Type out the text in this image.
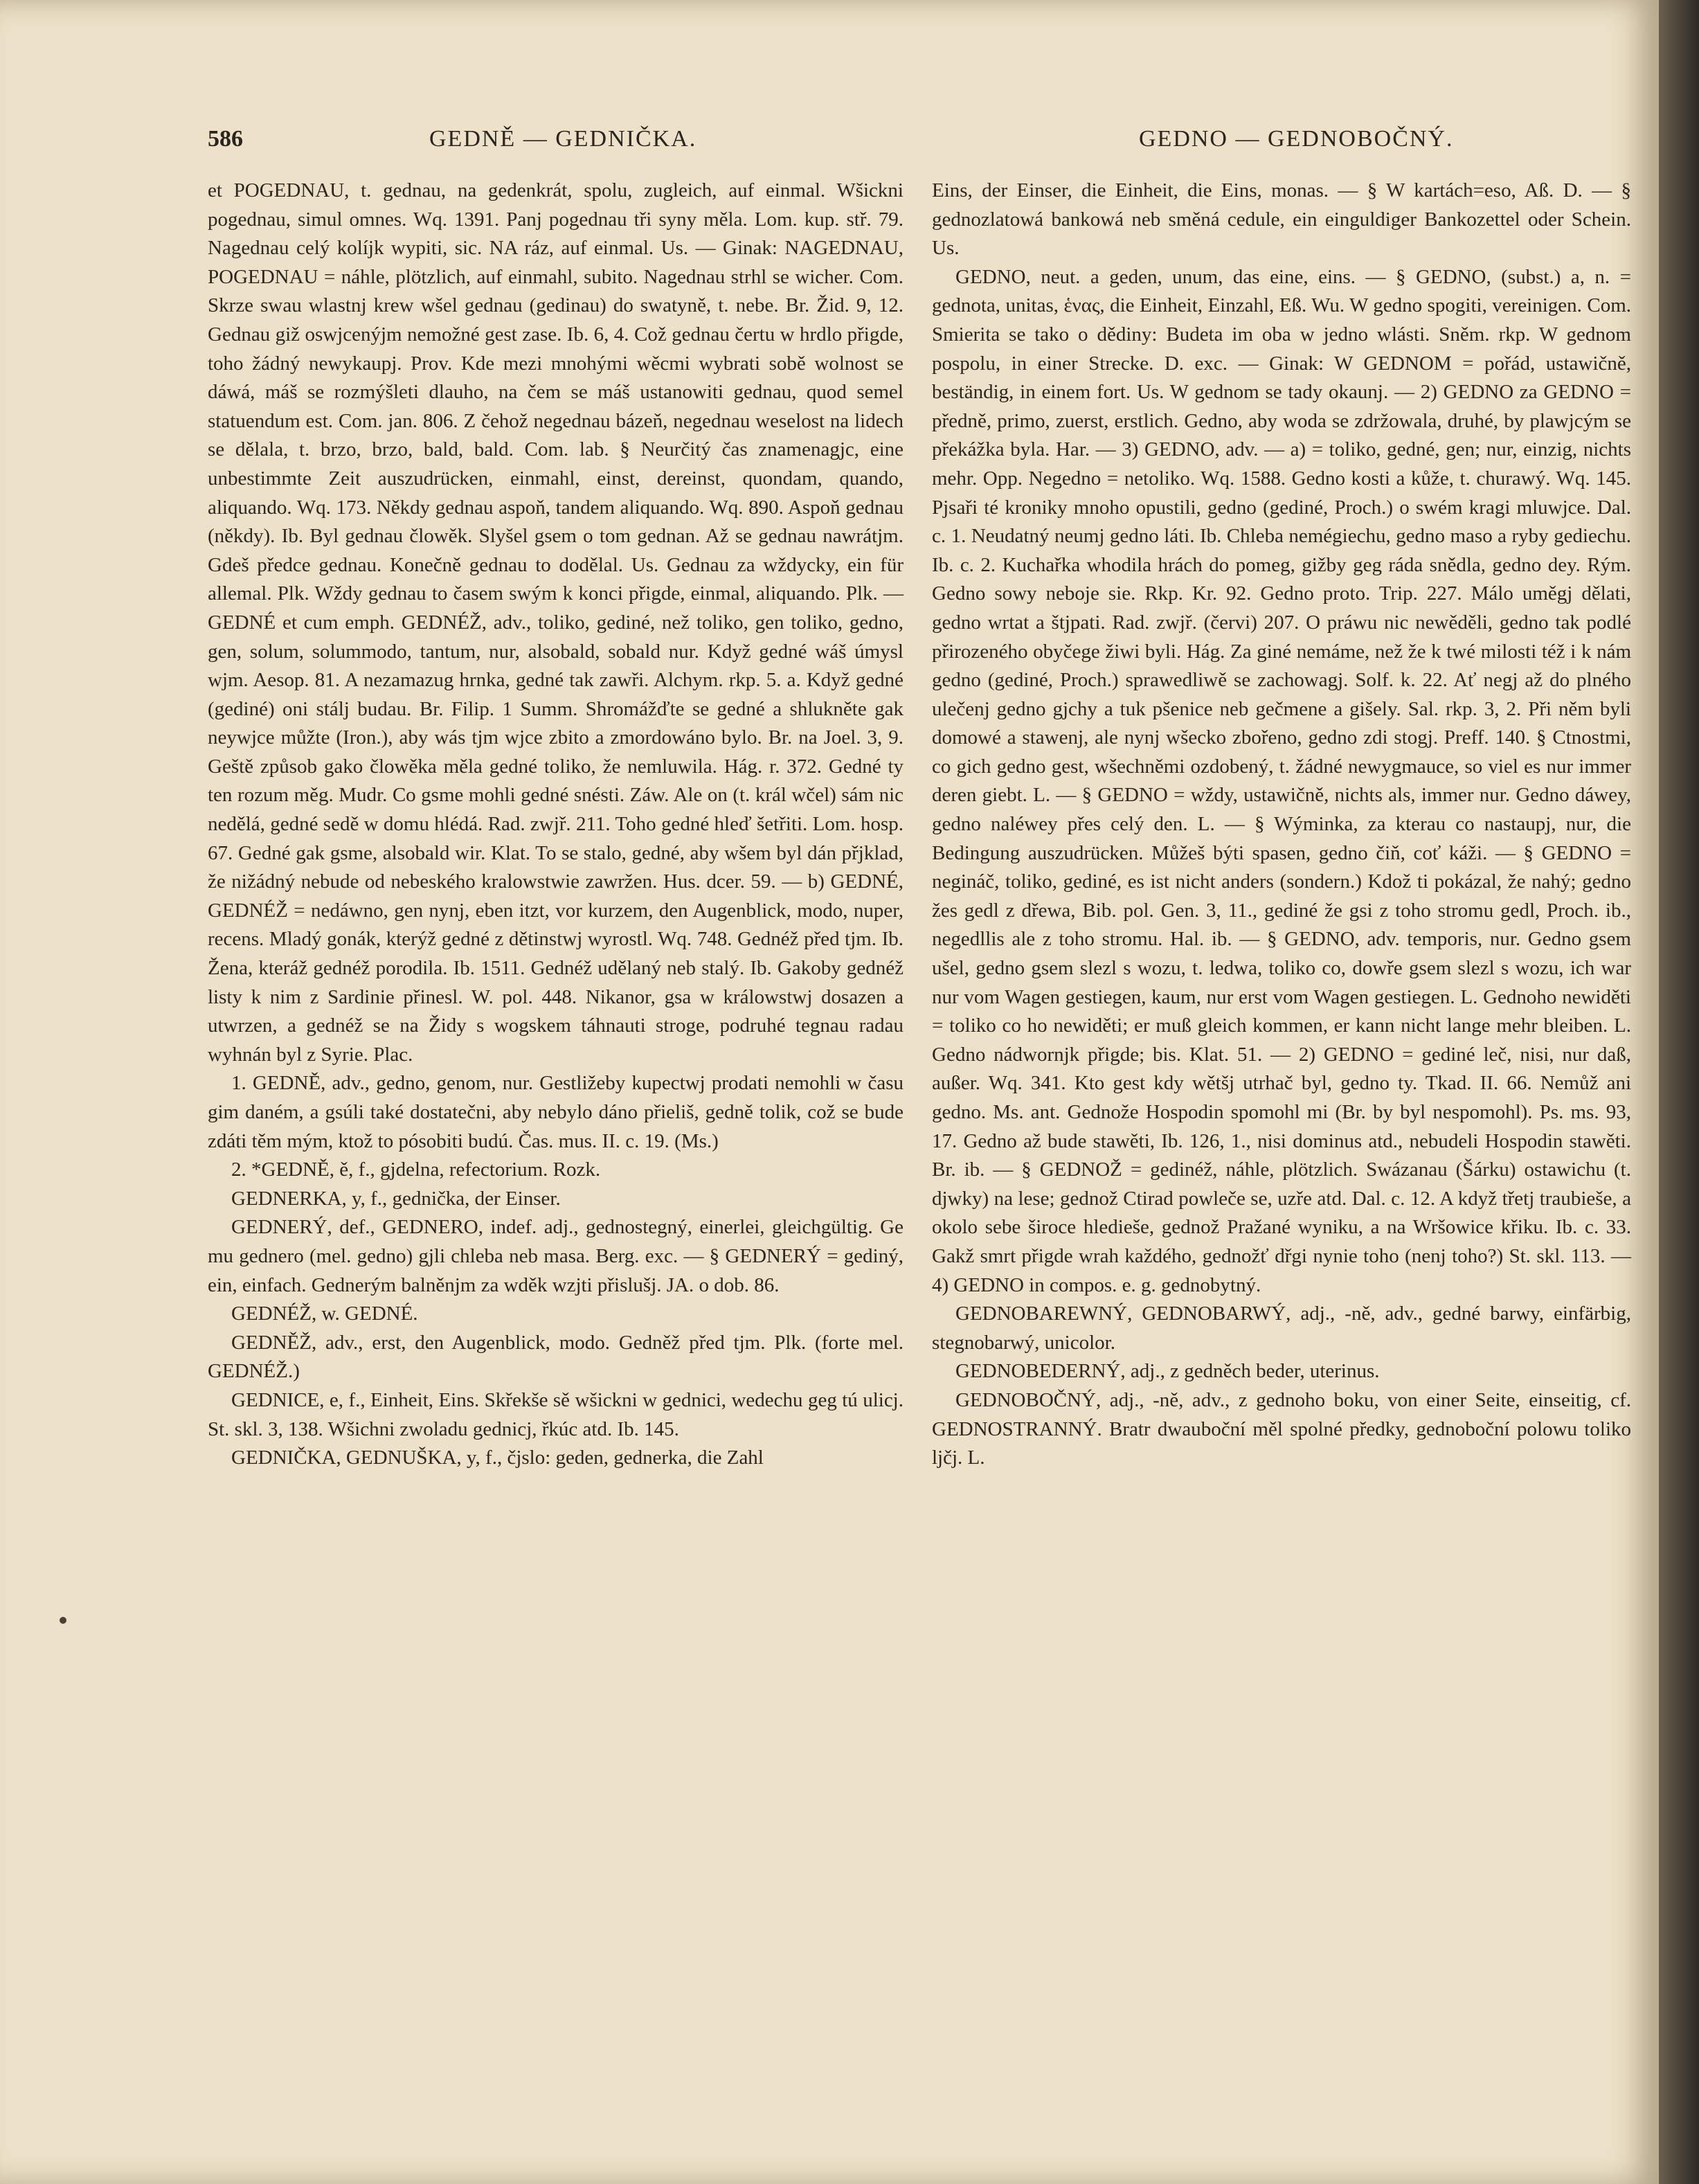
586	GEDNĚ — GEDNIČKA.	GEDNO — GEDNOBOČNÝ.

et POGEDNAU, t. gednau, na gedenkrát, spolu, zugleich, auf einmal. Wšickni pogednau, simul omnes. Wq. 1391. Panj pogednau tři syny měla. Lom. kup. stř. 79. Nagednau celý kolíjk wypiti, sic. NA ráz, auf einmal. Us. — Ginak: NAGEDNAU, POGEDNAU = náhle, plötzlich, auf einmahl, subito. Nagednau strhl se wicher. Com. Skrze swau wlastnj krew wšel gednau (gedinau) do swatyně, t. nebe. Br. Žid. 9, 12. Gednau giž oswjcenýjm nemožné gest zase. Ib. 6, 4. Což gednau čertu w hrdlo přigde, toho žádný newykaupj. Prov. Kde mezi mnohými wěcmi wybrati sobě wolnost se dáwá, máš se rozmýšleti dlauho, na čem se máš ustanowiti gednau, quod semel statuendum est. Com. jan. 806. Z čehož negednau bázeň, negednau weselost na lidech se dělala, t. brzo, brzo, bald, bald. Com. lab. § Neurčitý čas znamenagjc, eine unbestimmte Zeit auszudrücken, einmahl, einst, dereinst, quondam, quando, aliquando. Wq. 173. Někdy gednau aspoň, tandem aliquando. Wq. 890. Aspoň gednau (někdy). Ib. Byl gednau člowěk. Slyšel gsem o tom gednan. Až se gednau nawrátjm. Gdeš předce gednau. Konečně gednau to dodělal. Us. Gednau za wždycky, ein für allemal. Plk. Wždy gednau to časem swým k konci přigde, einmal, aliquando. Plk. — GEDNÉ et cum emph. GEDNÉŽ, adv., toliko, gediné, než toliko, gen toliko, gedno, gen, solum, solummodo, tantum, nur, alsobald, sobald nur. Když gedné wáš úmysl wjm. Aesop. 81. A nezamazug hrnka, gedné tak zawři. Alchym. rkp. 5. a. Když gedné (gediné) oni stálj budau. Br. Filip. 1 Summ. Shromážďte se gedné a shlukněte gak neywjce můžte (Iron.), aby wás tjm wjce zbito a zmordowáno bylo. Br. na Joel. 3, 9. Geště způsob gako člowěka měla gedné toliko, že nemluwila. Hág. r. 372. Gedné ty ten rozum měg. Mudr. Co gsme mohli gedné snésti. Záw. Ale on (t. král wčel) sám nic nedělá, gedné sedě w domu hlédá. Rad. zwjř. 211. Toho gedné hleď šetřiti. Lom. hosp. 67. Gedné gak gsme, alsobald wir. Klat. To se stalo, gedné, aby wšem byl dán přjklad, že nižádný nebude od nebeského kralowstwie zawržen. Hus. dcer. 59. — b) GEDNÉ, GEDNÉŽ = nedáwno, gen nynj, eben itzt, vor kurzem, den Augenblick, modo, nuper, recens. Mladý gonák, kterýž gedné z dětinstwj wyrostl. Wq. 748. Gednéž před tjm. Ib. Žena, kteráž gednéž porodila. Ib. 1511. Gednéž udělaný neb stalý. Ib. Gakoby gednéž listy k nim z Sardinie přinesl. W. pol. 448. Nikanor, gsa w králowstwj dosazen a utwrzen, a gednéž se na Židy s wogskem táhnauti stroge, podruhé tegnau radau wyhnán byl z Syrie. Plac.

1. GEDNĚ, adv., gedno, genom, nur. Gestližeby kupectwj prodati nemohli w času gim daném, a gsúli také dostatečni, aby nebylo dáno přieliš, gedně tolik, což se bude zdáti těm mým, ktož to pósobiti budú. Čas. mus. II. c. 19. (Ms.)

2. *GEDNĚ, ě, f., gjdelna, refectorium. Rozk.

GEDNERKA, y, f., gednička, der Einser.

GEDNERÝ, def., GEDNERO, indef. adj., gednostegný, einerlei, gleichgültig. Ge mu gednero (mel. gedno) gjli chleba neb masa. Berg. exc. — § GEDNERÝ = gediný, ein, einfach. Gednerým balněnjm za wděk wzjti přislušj. JA. o dob. 86.

GEDNÉŽ, w. GEDNÉ.

GEDNĚŽ, adv., erst, den Augenblick, modo. Gedněž před tjm. Plk. (forte mel. GEDNÉŽ.)

GEDNICE, e, f., Einheit, Eins. Skřekše sě wšickni w gednici, wedechu geg tú ulicj. St. skl. 3, 138. Wšichni zwoladu gednicj, řkúc atd. Ib. 145.

GEDNIČKA, GEDNUŠKA, y, f., čjslo: geden, gednerka, die Zahl

Eins, der Einser, die Einheit, die Eins, monas. — § W kartách=eso, Aß. D. — § gednozlatowá bankowá neb směná cedule, ein einguldiger Bankozettel oder Schein. Us.

GEDNO, neut. a geden, unum, das eine, eins. — § GEDNO, (subst.) a, n. = gednota, unitas, ἑνας, die Einheit, Einzahl, Eß. Wu. W gedno spogiti, vereinigen. Com. Smierita se tako o dědiny: Budeta im oba w jedno wlásti. Sněm. rkp. W gednom pospolu, in einer Strecke. D. exc. — Ginak: W GEDNOM = pořád, ustawičně, beständig, in einem fort. Us. W gednom se tady okaunj. — 2) GEDNO za GEDNO = předně, primo, zuerst, erstlich. Gedno, aby woda se zdržowala, druhé, by plawjcým se překážka byla. Har. — 3) GEDNO, adv. — a) = toliko, gedné, gen; nur, einzig, nichts mehr. Opp. Negedno = netoliko. Wq. 1588. Gedno kosti a kůže, t. churawý. Wq. 145. Pjsaři té kroniky mnoho opustili, gedno (gediné, Proch.) o swém kragi mluwjce. Dal. c. 1. Neudatný neumj gedno láti. Ib. Chleba nemégiechu, gedno maso a ryby gediechu. Ib. c. 2. Kuchařka whodila hrách do pomeg, gižby geg ráda snědla, gedno dey. Rým. Gedno sowy neboje sie. Rkp. Kr. 92. Gedno proto. Trip. 227. Málo uměgj dělati, gedno wrtat a štjpati. Rad. zwjř. (červi) 207. O práwu nic newěděli, gedno tak podlé přirozeného obyčege žiwi byli. Hág. Za giné nemáme, než že k twé milosti též i k nám gedno (gediné, Proch.) sprawedliwě se zachowagj. Solf. k. 22. Ať negj až do plného ulečenj gedno gjchy a tuk pšenice neb gečmene a gišely. Sal. rkp. 3, 2. Při něm byli domowé a stawenj, ale nynj wšecko zbořeno, gedno zdi stogj. Preff. 140. § Ctnostmi, co gich gedno gest, wšechněmi ozdobený, t. žádné newygmauce, so viel es nur immer deren giebt. L. — § GEDNO = wždy, ustawičně, nichts als, immer nur. Gedno dáwey, gedno naléwey přes celý den. L. — § Wýminka, za kterau co nastaupj, nur, die Bedingung auszudrücken. Můžeš býti spasen, gedno čiň, coť káži. — § GEDNO = negináč, toliko, gediné, es ist nicht anders (sondern.) Kdož ti pokázal, že nahý; gedno žes gedl z dřewa, Bib. pol. Gen. 3, 11., gediné že gsi z toho stromu gedl, Proch. ib., negedllis ale z toho stromu. Hal. ib. — § GEDNO, adv. temporis, nur. Gedno gsem ušel, gedno gsem slezl s wozu, t. ledwa, toliko co, dowře gsem slezl s wozu, ich war nur vom Wagen gestiegen, kaum, nur erst vom Wagen gestiegen. L. Gednoho newiděti = toliko co ho newiděti; er muß gleich kommen, er kann nicht lange mehr bleiben. L. Gedno nádwornjk přigde; bis. Klat. 51. — 2) GEDNO = gediné leč, nisi, nur daß, außer. Wq. 341. Kto gest kdy wětšj utrhač byl, gedno ty. Tkad. II. 66. Nemůž ani gedno. Ms. ant. Gednože Hospodin spomohl mi (Br. by byl nespomohl). Ps. ms. 93, 17. Gedno až bude stawěti, Ib. 126, 1., nisi dominus atd., nebudeli Hospodin stawěti. Br. ib. — § GEDNOŽ = gedinéž, náhle, plötzlich. Swázanau (Šárku) ostawichu (t. djwky) na lese; gednož Ctirad powleče se, uzře atd. Dal. c. 12. A když třetj traubieše, a okolo sebe široce hledieše, gednož Pražané wyniku, a na Wršowice křiku. Ib. c. 33. Gakž smrt přigde wrah každého, gednožť dřgi nynie toho (nenj toho?) St. skl. 113. — 4) GEDNO in compos. e. g. gednobytný.

GEDNOBAREWNÝ, GEDNOBARWÝ, adj., -ně, adv., gedné barwy, einfärbig, stegnobarwý, unicolor.

GEDNOBEDERNÝ, adj., z gedněch beder, uterinus.

GEDNOBOČNÝ, adj., -ně, adv., z gednoho boku, von einer Seite, einseitig, cf. GEDNOSTRANNÝ. Bratr dwauboční měl spolné předky, gednoboční polowu toliko ljčj. L.
